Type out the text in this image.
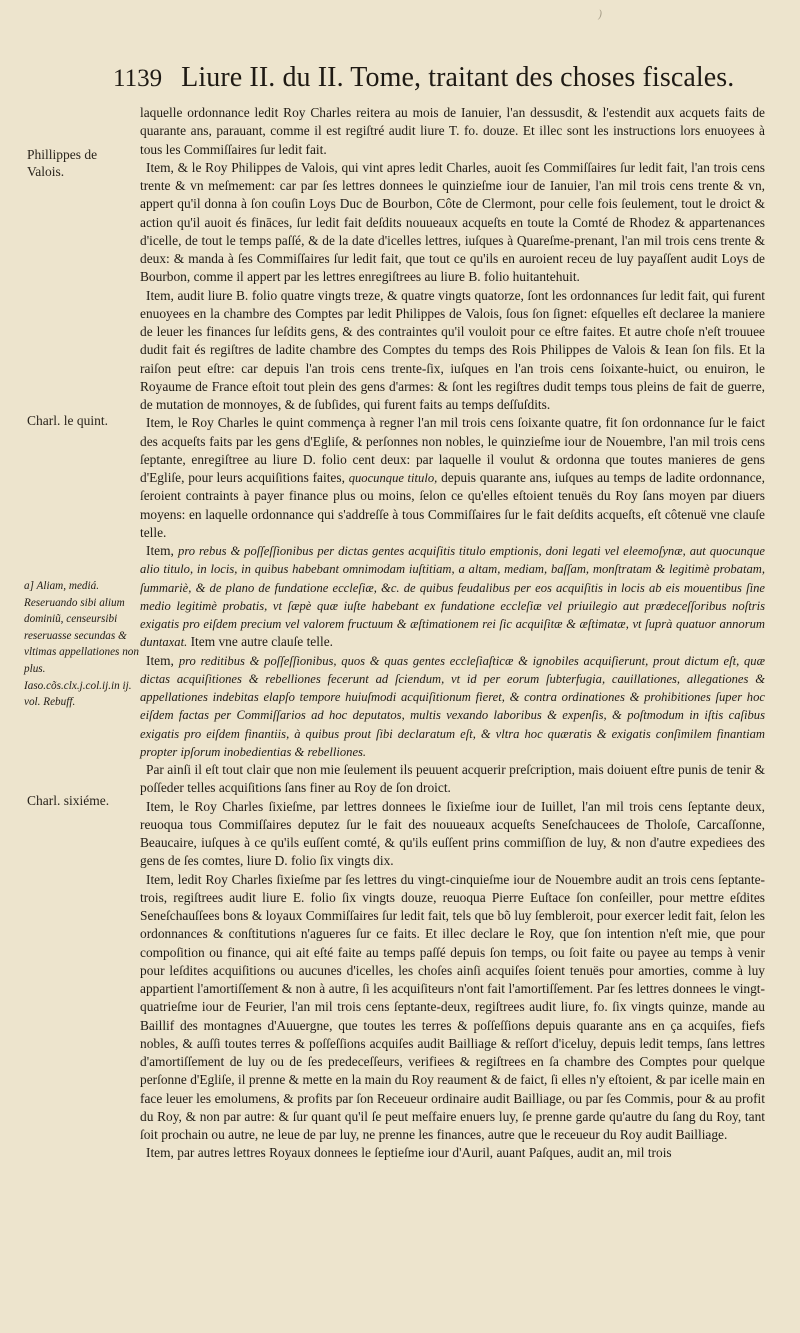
)
1139 Liure II. du II. Tome, traitant des choses fiscales.
Phillippes de Valois.
Charl. le quint.
Charl. sixiéme.
a] Aliam, mediá. Reseruando sibi alium dominiũ, censeursibi reseruasse secundas & vltimas appellationes non plus. Iaso.cõs.clx.j.col.ij.in ij. vol. Rebuff.

laquelle ordonnance ledit Roy Charles reitera au mois de Ianuier, l'an dessusdit, & l'estendit aux acquets faits de quarante ans, parauant, comme il est regiſtré audit liure T. fo. douze. Et illec sont les instructions lors enuoyees à tous les Commiſſaires ſur ledit fait.

Item, & le Roy Philippes de Valois, qui vint apres ledit Charles, auoit ſes Commiſſaires ſur ledit fait, l'an trois cens trente & vn meſmement: car par ſes lettres donnees le quinzieſme iour de Ianuier, l'an mil trois cens trente & vn, appert qu'il donna à ſon couſin Loys Duc de Bourbon, Côte de Clermont, pour celle fois ſeulement, tout le droict & action qu'il auoit és fināces, ſur ledit fait deſdits nouueaux acqueſts en toute la Comté de Rhodez & appartenances d'icelle, de tout le temps paſſé, & de la date d'icelles lettres, iuſques à Quareſme-prenant, l'an mil trois cens trente & deux: & manda à ſes Commiſſaires ſur ledit fait, que tout ce qu'ils en auroient receu de luy payaſſent audit Loys de Bourbon, comme il appert par les lettres enregiſtrees au liure B. folio huitantehuit.

Item, audit liure B. folio quatre vingts treze, & quatre vingts quatorze, ſont les ordonnances ſur ledit fait, qui furent enuoyees en la chambre des Comptes par ledit Philippes de Valois, ſous ſon ſignet: eſquelles eſt declaree la maniere de leuer les finances ſur leſdits gens, & des contraintes qu'il vouloit pour ce eſtre faites. Et autre choſe n'eſt trouuee dudit fait és regiſtres de ladite chambre des Comptes du temps des Rois Philippes de Valois & Iean ſon fils. Et la raiſon peut eſtre: car depuis l'an trois cens trente-ſix, iuſques en l'an trois cens ſoixante-huict, ou enuiron, le Royaume de France eſtoit tout plein des gens d'armes: & ſont les regiſtres dudit temps tous pleins de fait de guerre, de mutation de monnoyes, & de ſubſides, qui furent faits au temps deſſuſdits.

Item, le Roy Charles le quint commença à regner l'an mil trois cens ſoixante quatre, fit ſon ordonnance ſur le faict des acqueſts faits par les gens d'Egliſe, & perſonnes non nobles, le quinzieſme iour de Nouembre, l'an mil trois cens ſeptante, enregiſtree au liure D. folio cent deux: par laquelle il voulut & ordonna que toutes manieres de gens d'Egliſe, pour leurs acquiſitions faites, quocunque titulo, depuis quarante ans, iuſques au temps de ladite ordonnance, ſeroient contraints à payer finance plus ou moins, ſelon ce qu'elles eſtoient tenuës du Roy ſans moyen par diuers moyens: en laquelle ordonnance qui s'addreſſe à tous Commiſſaires ſur le fait deſdits acqueſts, eſt côtenuë vne clauſe telle.

Item, pro rebus & poſſeſſionibus per dictas gentes acquiſitis titulo emptionis, doni legati vel eleemoſynæ, aut quocunque alio titulo, in locis, in quibus habebant omnimodam iuſtitiam, a altam, mediam, baſſam, monſtratam & legitimè probatam, ſummariè, & de plano de fundatione eccleſiæ, &c. de quibus feudalibus per eos acquiſitis in locis ab eis mouentibus ſine medio legitimè probatis, vt ſæpè quæ iuſte habebant ex fundatione eccleſiæ vel priuilegio aut prædeceſſoribus noſtris exigatis pro eiſdem precium vel valorem fructuum & æſtimationem rei ſic acquiſitæ & æſtimatæ, vt ſuprà quatuor annorum duntaxat. Item vne autre clauſe telle.

Item, pro reditibus & poſſeſſionibus, quos & quas gentes eccleſiaſticæ & ignobiles acquiſierunt, prout dictum eſt, quæ dictas acquiſitiones & rebelliones fecerunt ad ſciendum, vt id per eorum ſubterfugia, cauillationes, allegationes & appellationes indebitas elapſo tempore huiuſmodi acquiſitionum fieret, & contra ordinationes & prohibitiones ſuper hoc eiſdem factas per Commiſſarios ad hoc deputatos, multis vexando laboribus & expenſis, & poſtmodum in iſtis caſibus exigatis pro eiſdem finantiis, à quibus prout ſibi declaratum eſt, & vltra hoc quæratis & exigatis conſimilem finantiam propter ipſorum inobedientias & rebelliones.

Par ainſi il eſt tout clair que non mie ſeulement ils peuuent acquerir preſcription, mais doiuent eſtre punis de tenir & poſſeder telles acquiſitions ſans finer au Roy de ſon droict.

Item, le Roy Charles ſixieſme, par lettres donnees le ſixieſme iour de Iuillet, l'an mil trois cens ſeptante deux, reuoqua tous Commiſſaires deputez ſur le fait des nouueaux acqueſts Seneſchaucees de Tholoſe, Carcaſſonne, Beaucaire, iuſques à ce qu'ils euſſent comté, & qu'ils euſſent prins commiſſion de luy, & non d'autre expediees des gens de ſes comtes, liure D. folio ſix vingts dix.

Item, ledit Roy Charles ſixieſme par ſes lettres du vingt-cinquieſme iour de Nouembre audit an trois cens ſeptante-trois, regiſtrees audit liure E. folio ſix vingts douze, reuoqua Pierre Euſtace ſon conſeiller, pour mettre eſdites Seneſchauſſees bons & loyaux Commiſſaires ſur ledit fait, tels que bõ luy ſembleroit, pour exercer ledit fait, ſelon les ordonnances & conſtitutions n'agueres ſur ce faits. Et illec declare le Roy, que ſon intention n'eſt mie, que pour compoſition ou finance, qui ait eſté faite au temps paſſé depuis ſon temps, ou ſoit faite ou payee au temps à venir pour leſdites acquiſitions ou aucunes d'icelles, les choſes ainſi acquiſes ſoient tenuës pour amorties, comme à luy appartient l'amortiſſement & non à autre, ſi les acquiſiteurs n'ont fait l'amortiſſement. Par ſes lettres donnees le vingt-quatrieſme iour de Feurier, l'an mil trois cens ſeptante-deux, regiſtrees audit liure, fo. ſix vingts quinze, mande au Baillif des montagnes d'Auuergne, que toutes les terres & poſſeſſions depuis quarante ans en ça acquiſes, fiefs nobles, & auſſi toutes terres & poſſeſſions acquiſes audit Bailliage & reſſort d'iceluy, depuis ledit temps, ſans lettres d'amortiſſement de luy ou de ſes predeceſſeurs, verifiees & regiſtrees en ſa chambre des Comptes pour quelque perſonne d'Egliſe, il prenne & mette en la main du Roy reaument & de faict, ſi elles n'y eſtoient, & par icelle main en face leuer les emolumens, & profits par ſon Receueur ordinaire audit Bailliage, ou par ſes Commis, pour & au profit du Roy, & non par autre: & ſur quant qu'il ſe peut meſfaire enuers luy, ſe prenne garde qu'autre du ſang du Roy, tant ſoit prochain ou autre, ne leue de par luy, ne prenne les finances, autre que le receueur du Roy audit Bailliage.

Item, par autres lettres Royaux donnees le ſeptieſme iour d'Auril, auant Paſques, audit an, mil trois
